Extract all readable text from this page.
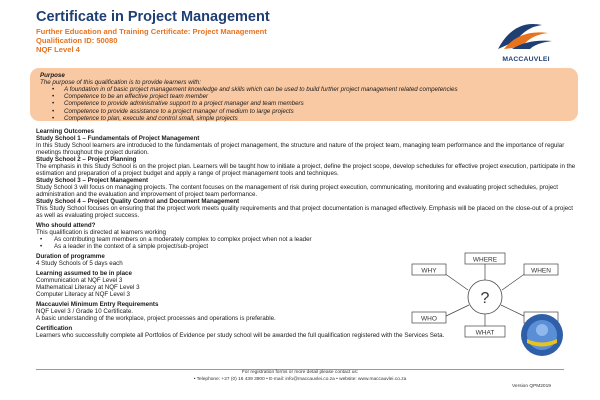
Certificate in Project Management
Further Education and Training Certificate: Project Management
Qualification ID: 50080
NQF Level 4
MACCAUVLEI
Purpose
The purpose of this qualification is to provide learners with:
• A foundation in of basic project management knowledge and skills which can be used to build further project management related competencies
• Competence to be an effective project team member
• Competence to provide administrative support to a project manager and team members
• Competence to provide assistance to a project manager of medium to large projects
• Competence to plan, execute and control small, simple projects
Learning Outcomes
Study School 1 – Fundamentals of Project Management
In this Study School learners are introduced to the fundamentals of project management, the structure and nature of the project team, managing team performance and the importance of regular meetings throughout the project duration.
Study School 2 – Project Planning
The emphasis in this Study School is on the project plan. Learners will be taught how to initiate a project, define the project scope, develop schedules for effective project execution, participate in the estimation and preparation of a project budget and apply a range of project management tools and techniques.
Study School 3 – Project Management
Study School 3 will focus on managing projects. The content focuses on the management of risk during project execution, communicating, monitoring and evaluating project schedules, project administration and the evaluation and improvement of project team performance.
Study School 4 – Project Quality Control and Document Management
This Study School focuses on ensuring that the project work meets quality requirements and that project documentation is managed effectively. Emphasis will be placed on the close-out of a project as well as evaluating project success.
Who should attend?
This qualification is directed at learners working
• As contributing team members on a moderately complex to complex project when not a leader
• As a leader in the context of a simple project/sub-project
Duration of programme
4 Study Schools of 5 days each
Learning assumed to be in place
Communication at NQF Level 3
Mathematical Literacy at NQF Level 3
Computer Literacy at NQF Level 3
Maccauvlei Minimum Entry Requirements
NQF Level 3 / Grade 10 Certificate.
A basic understanding of the workplace, project processes and operations is preferable.
Certification
Learners who successfully complete all Portfolios of Evidence per study school will be awarded the full qualification registered with the Services Seta.
?
WHERE
WHY	WHEN
WHO
WHAT
For registration forms or more detail please contact us:
• Telephone: +27 (0) 16 439 3900 • E-mail: info@maccauvlei.co.za • website: www.maccauvlei.co.za
Version QPM2019
